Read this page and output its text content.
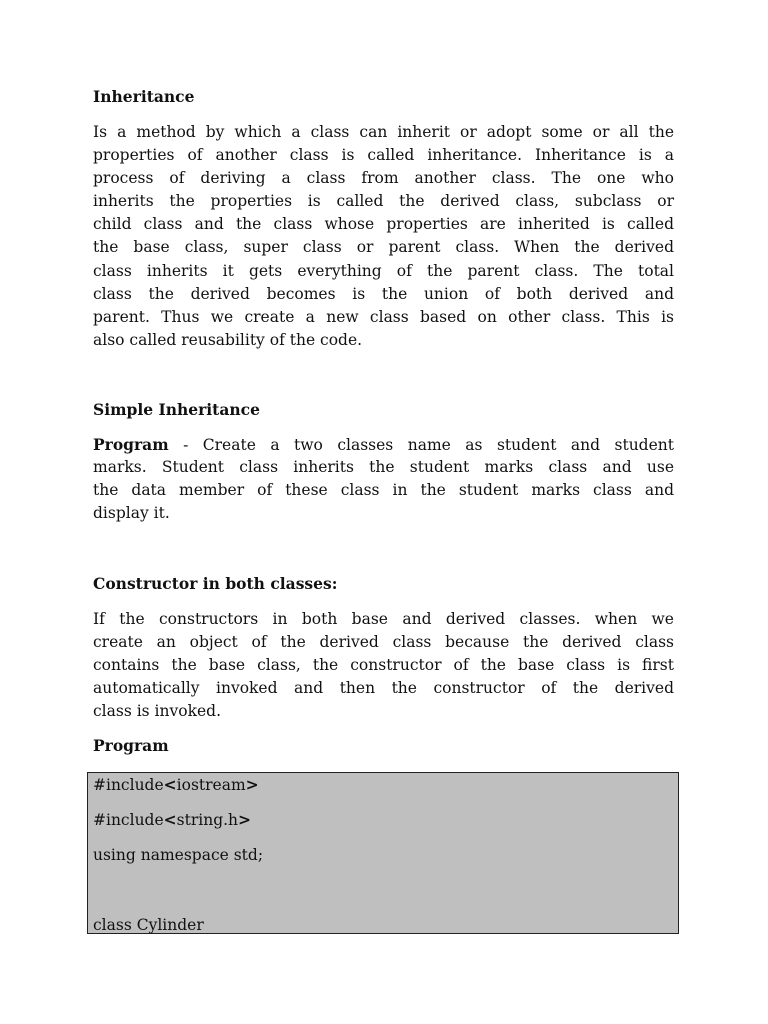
Inheritance
Is a method by which a class can inherit or adopt some or all the
properties of another class is called inheritance. Inheritance is a
process of deriving a class from another class. The one who
inherits the properties is called the derived class, subclass or
child class and the class whose properties are inherited is called
the base class, super class or parent class. When the derived
class inherits it gets everything of the parent class. The total
class the derived becomes is the union of both derived and
parent. Thus we create a new class based on other class. This is
also called reusability of the code.
Simple Inheritance
Program - Create a two classes name as student and student
marks. Student class inherits the student marks class and use
the data member of these class in the student marks class and
display it.
Constructor in both classes:
If the constructors in both base and derived classes. when we
create an object of the derived class because the derived class
contains the base class, the constructor of the base class is first
automatically invoked and then the constructor of the derived
class is invoked.
Program
#include<iostream>
#include<string.h>
using namespace std;
class Cylinder
